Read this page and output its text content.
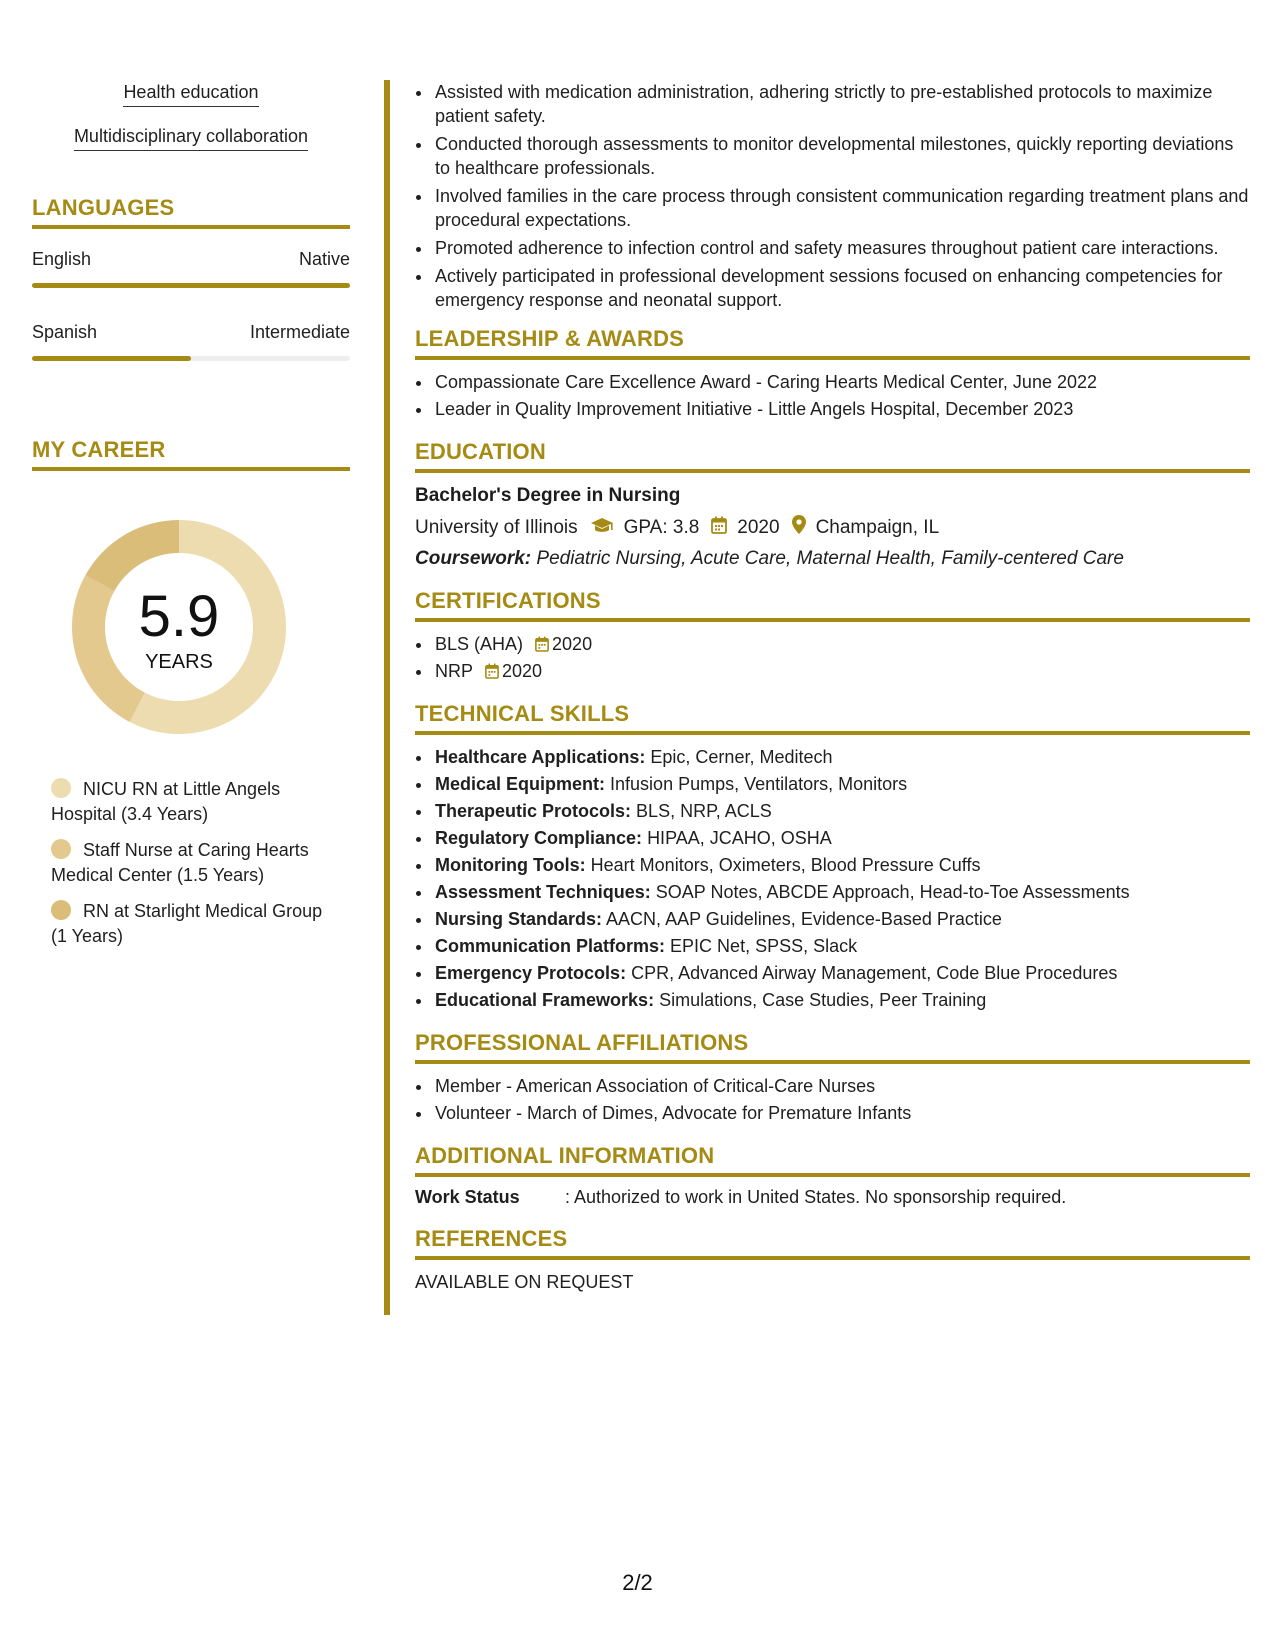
Health education
Multidisciplinary collaboration
LANGUAGES
English	Native
Spanish	Intermediate
MY CAREER
5.9
YEARS
NICU RN at Little Angels Hospital (3.4 Years)
Staff Nurse at Caring Hearts Medical Center (1.5 Years)
RN at Starlight Medical Group (1 Years)
• Assisted with medication administration, adhering strictly to pre-established protocols to maximize patient safety.
• Conducted thorough assessments to monitor developmental milestones, quickly reporting deviations to healthcare professionals.
• Involved families in the care process through consistent communication regarding treatment plans and procedural expectations.
• Promoted adherence to infection control and safety measures throughout patient care interactions.
• Actively participated in professional development sessions focused on enhancing competencies for emergency response and neonatal support.
LEADERSHIP & AWARDS
• Compassionate Care Excellence Award - Caring Hearts Medical Center, June 2022
• Leader in Quality Improvement Initiative - Little Angels Hospital, December 2023
EDUCATION
Bachelor's Degree in Nursing
University of Illinois GPA: 3.8 2020 Champaign, IL
Coursework: Pediatric Nursing, Acute Care, Maternal Health, Family-centered Care
CERTIFICATIONS
• BLS (AHA) 2020
• NRP 2020
TECHNICAL SKILLS
• Healthcare Applications: Epic, Cerner, Meditech
• Medical Equipment: Infusion Pumps, Ventilators, Monitors
• Therapeutic Protocols: BLS, NRP, ACLS
• Regulatory Compliance: HIPAA, JCAHO, OSHA
• Monitoring Tools: Heart Monitors, Oximeters, Blood Pressure Cuffs
• Assessment Techniques: SOAP Notes, ABCDE Approach, Head-to-Toe Assessments
• Nursing Standards: AACN, AAP Guidelines, Evidence-Based Practice
• Communication Platforms: EPIC Net, SPSS, Slack
• Emergency Protocols: CPR, Advanced Airway Management, Code Blue Procedures
• Educational Frameworks: Simulations, Case Studies, Peer Training
PROFESSIONAL AFFILIATIONS
• Member - American Association of Critical-Care Nurses
• Volunteer - March of Dimes, Advocate for Premature Infants
ADDITIONAL INFORMATION
Work Status	: Authorized to work in United States. No sponsorship required.
REFERENCES
AVAILABLE ON REQUEST
2/2
